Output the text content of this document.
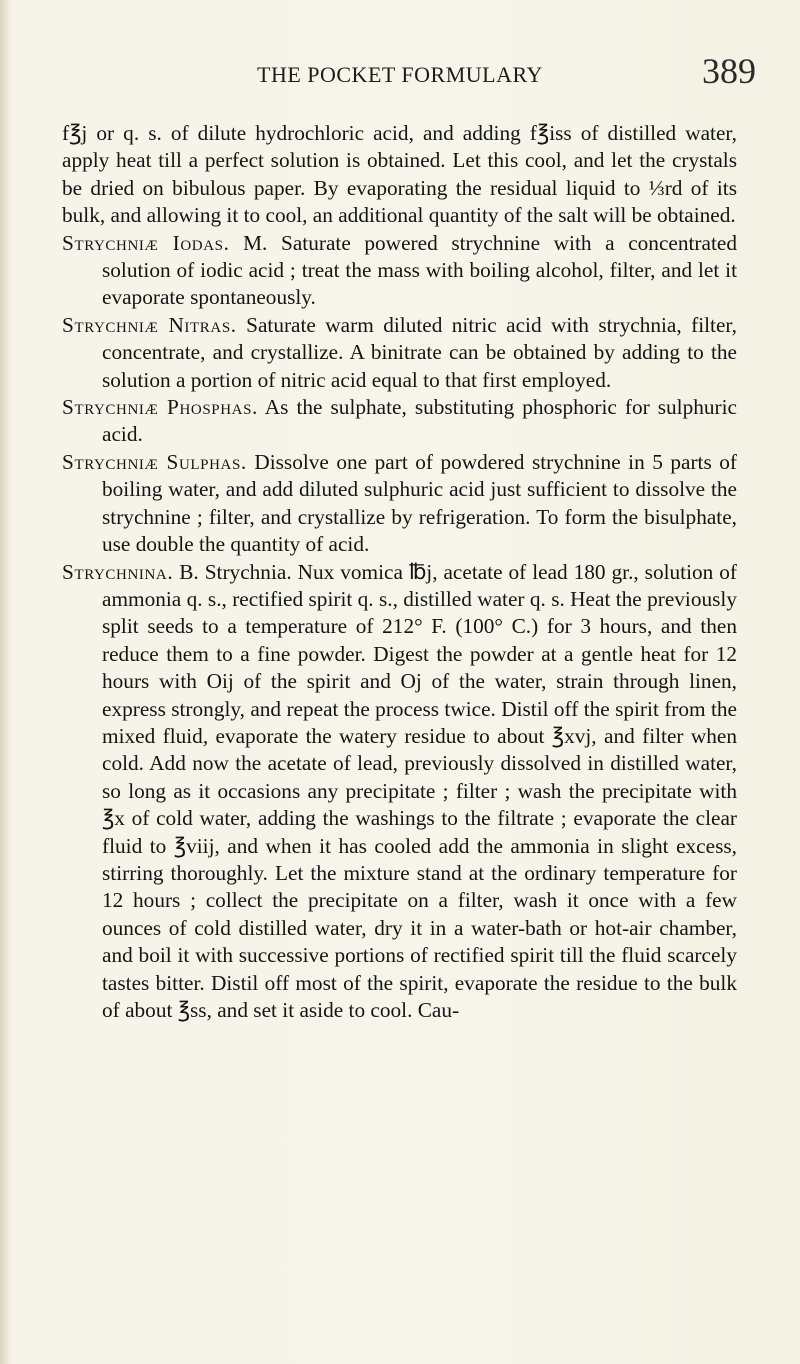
THE POCKET FORMULARY	389

f℥j or q. s. of dilute hydrochloric acid, and adding f℥iss of distilled water, apply heat till a perfect solution is obtained. Let this cool, and let the crystals be dried on bibulous paper. By evaporating the residual liquid to ⅓rd of its bulk, and allowing it to cool, an additional quantity of the salt will be obtained.

Strychniæ Iodas. M. Saturate powered strychnine with a concentrated solution of iodic acid ; treat the mass with boiling alcohol, filter, and let it evaporate spontaneously.

Strychniæ Nitras. Saturate warm diluted nitric acid with strychnia, filter, concentrate, and crystallize. A binitrate can be obtained by adding to the solution a portion of nitric acid equal to that first employed.

Strychniæ Phosphas. As the sulphate, substituting phosphoric for sulphuric acid.

Strychniæ Sulphas. Dissolve one part of powdered strychnine in 5 parts of boiling water, and add diluted sulphuric acid just sufficient to dissolve the strychnine ; filter, and crystallize by refrigeration. To form the bisulphate, use double the quantity of acid.

Strychnina. B. Strychnia. Nux vomica ℔j, acetate of lead 180 gr., solution of ammonia q. s., rectified spirit q. s., distilled water q. s. Heat the previously split seeds to a temperature of 212° F. (100° C.) for 3 hours, and then reduce them to a fine powder. Digest the powder at a gentle heat for 12 hours with Oij of the spirit and Oj of the water, strain through linen, express strongly, and repeat the process twice. Distil off the spirit from the mixed fluid, evaporate the watery residue to about ℥xvj, and filter when cold. Add now the acetate of lead, previously dissolved in distilled water, so long as it occasions any precipitate ; filter ; wash the precipitate with ℥x of cold water, adding the washings to the filtrate ; evaporate the clear fluid to ℥viij, and when it has cooled add the ammonia in slight excess, stirring thoroughly. Let the mixture stand at the ordinary temperature for 12 hours ; collect the precipitate on a filter, wash it once with a few ounces of cold distilled water, dry it in a water-bath or hot-air chamber, and boil it with successive portions of rectified spirit till the fluid scarcely tastes bitter. Distil off most of the spirit, evaporate the residue to the bulk of about ℥ss, and set it aside to cool. Cau-
